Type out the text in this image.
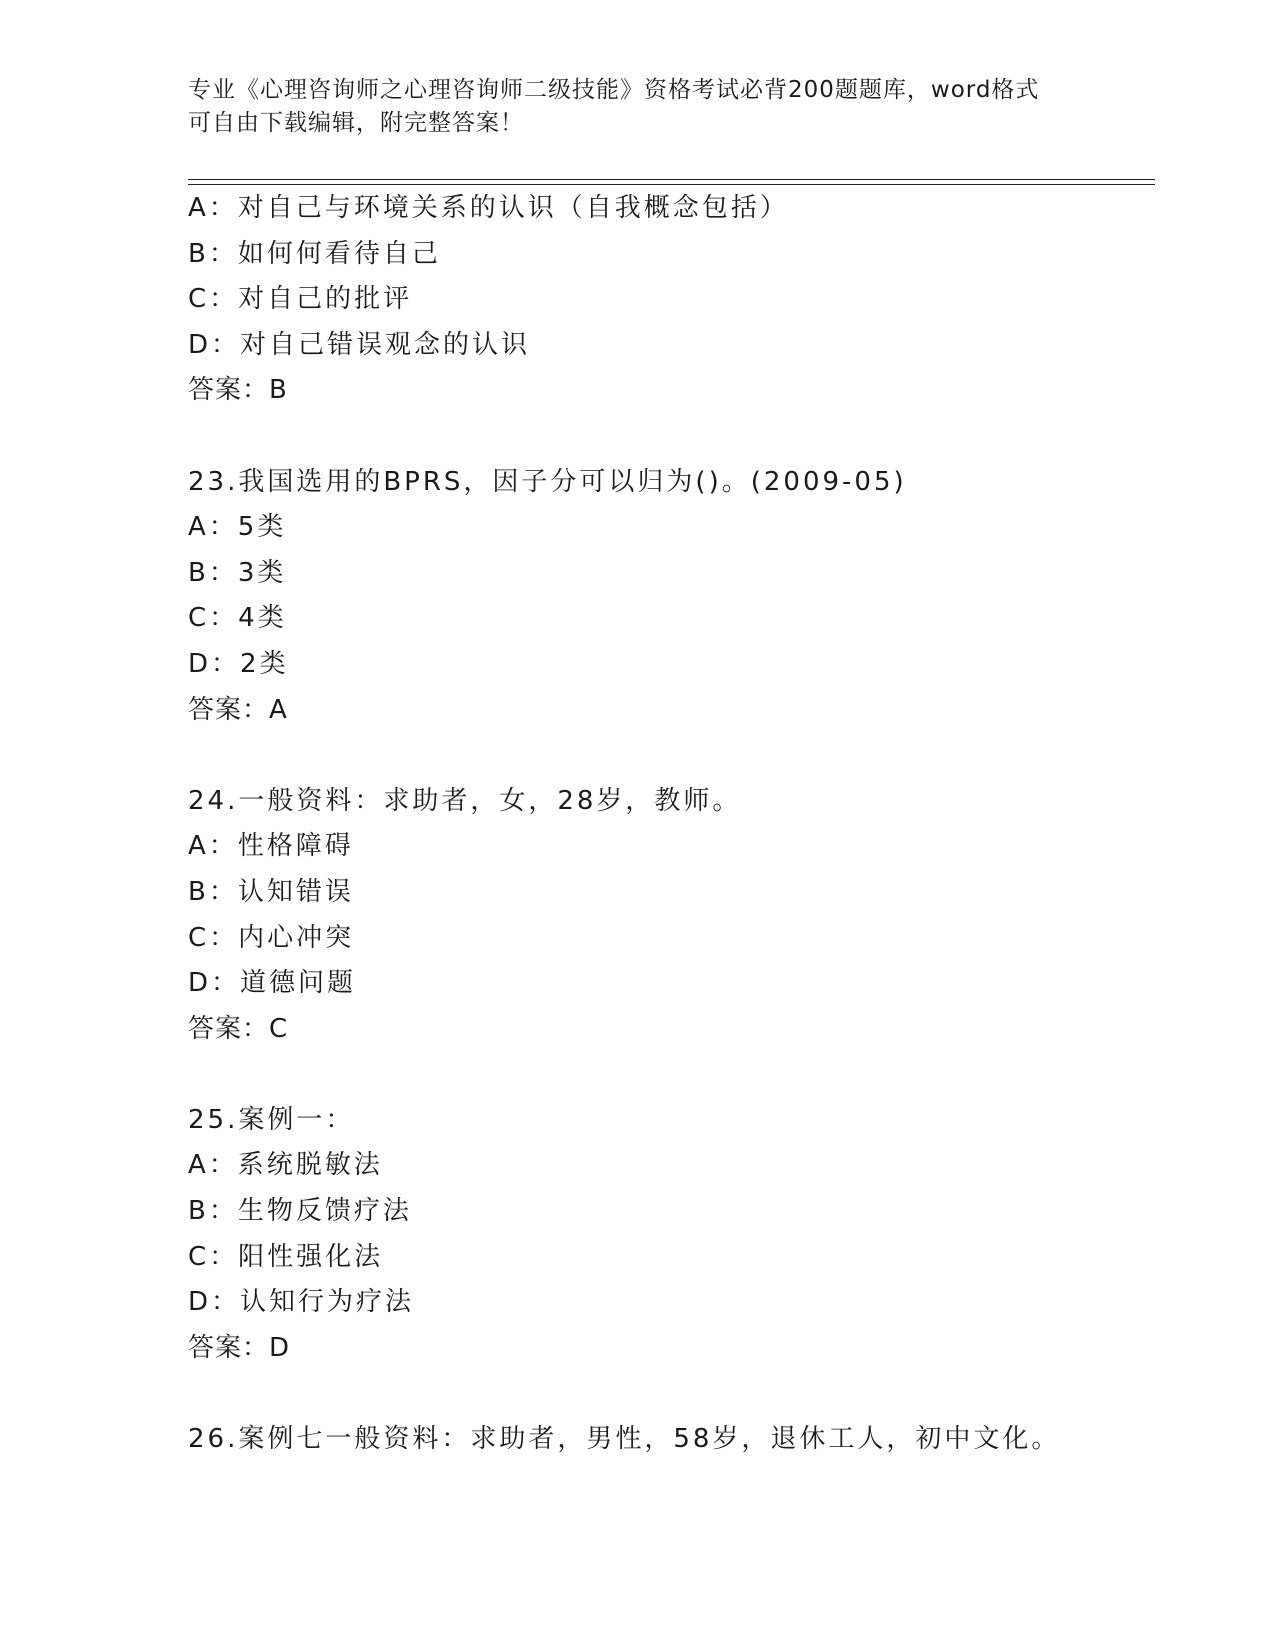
专业《心理咨询师之心理咨询师二级技能》资格考试必背200题题库，word格式
可自由下载编辑，附完整答案！
A：对自己与环境关系的认识（自我概念包括）
B：如何何看待自己
C：对自己的批评
D：对自己错误观念的认识
答案：B
23.我国选用的BPRS，因子分可以归为()。(2009-05)
A：5类
B：3类
C：4类
D：2类
答案：A
24.一般资料：求助者，女，28岁，教师。
A：性格障碍
B：认知错误
C：内心冲突
D：道德问题
答案：C
25.案例一：
A：系统脱敏法
B：生物反馈疗法
C：阳性强化法
D：认知行为疗法
答案：D
26.案例七一般资料：求助者，男性，58岁，退休工人，初中文化。
